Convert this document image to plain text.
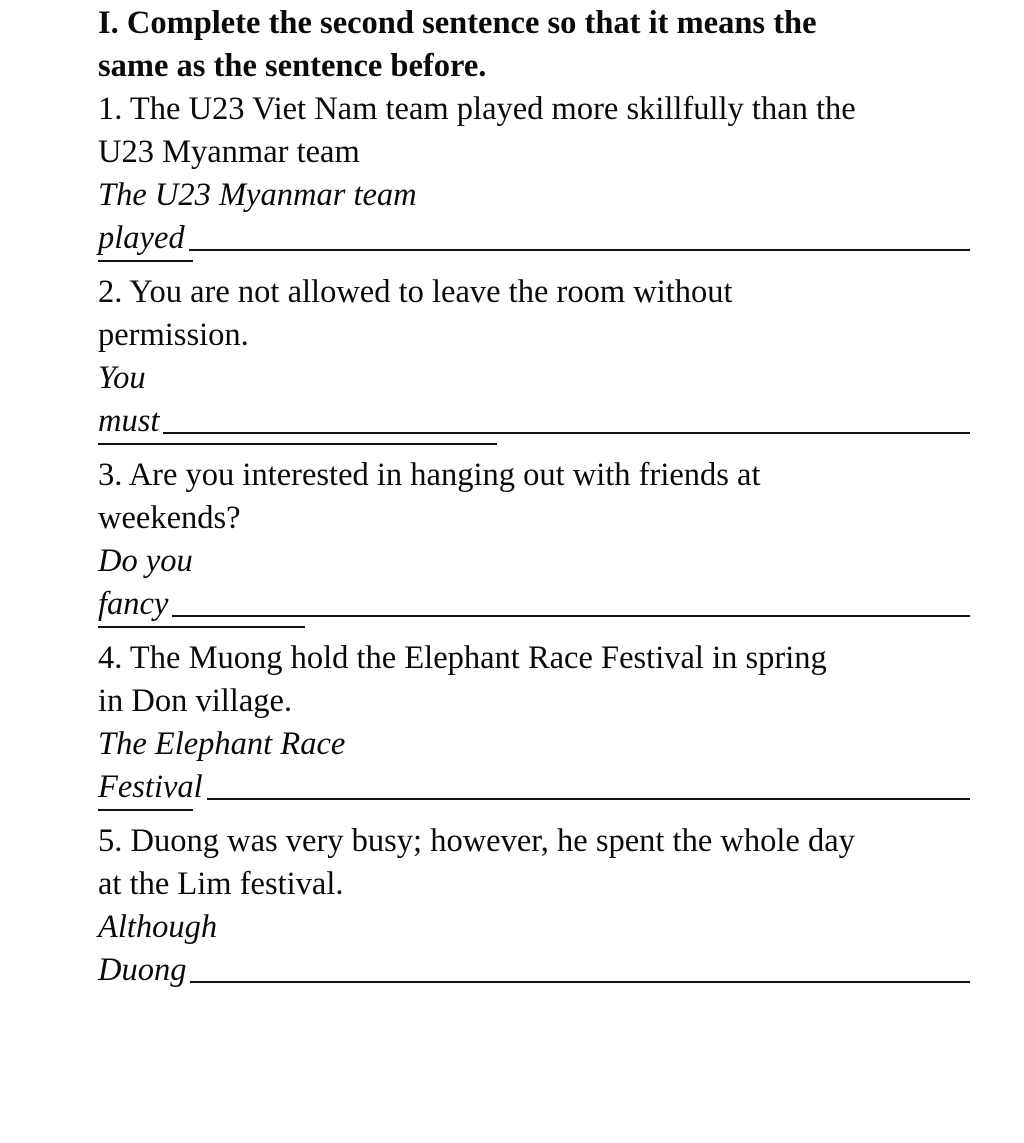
I. Complete the second sentence so that it means the
same as the sentence before.
1. The U23 Viet Nam team played more skillfully than the
U23 Myanmar team
The U23 Myanmar team
played
2. You are not allowed to leave the room without
permission.
You
must
3. Are you interested in hanging out with friends at
weekends?
Do you
fancy
4. The Muong hold the Elephant Race Festival in spring
in Don village.
The Elephant Race
Festival
5. Duong was very busy; however, he spent the whole day
at the Lim festival.
Although
Duong
